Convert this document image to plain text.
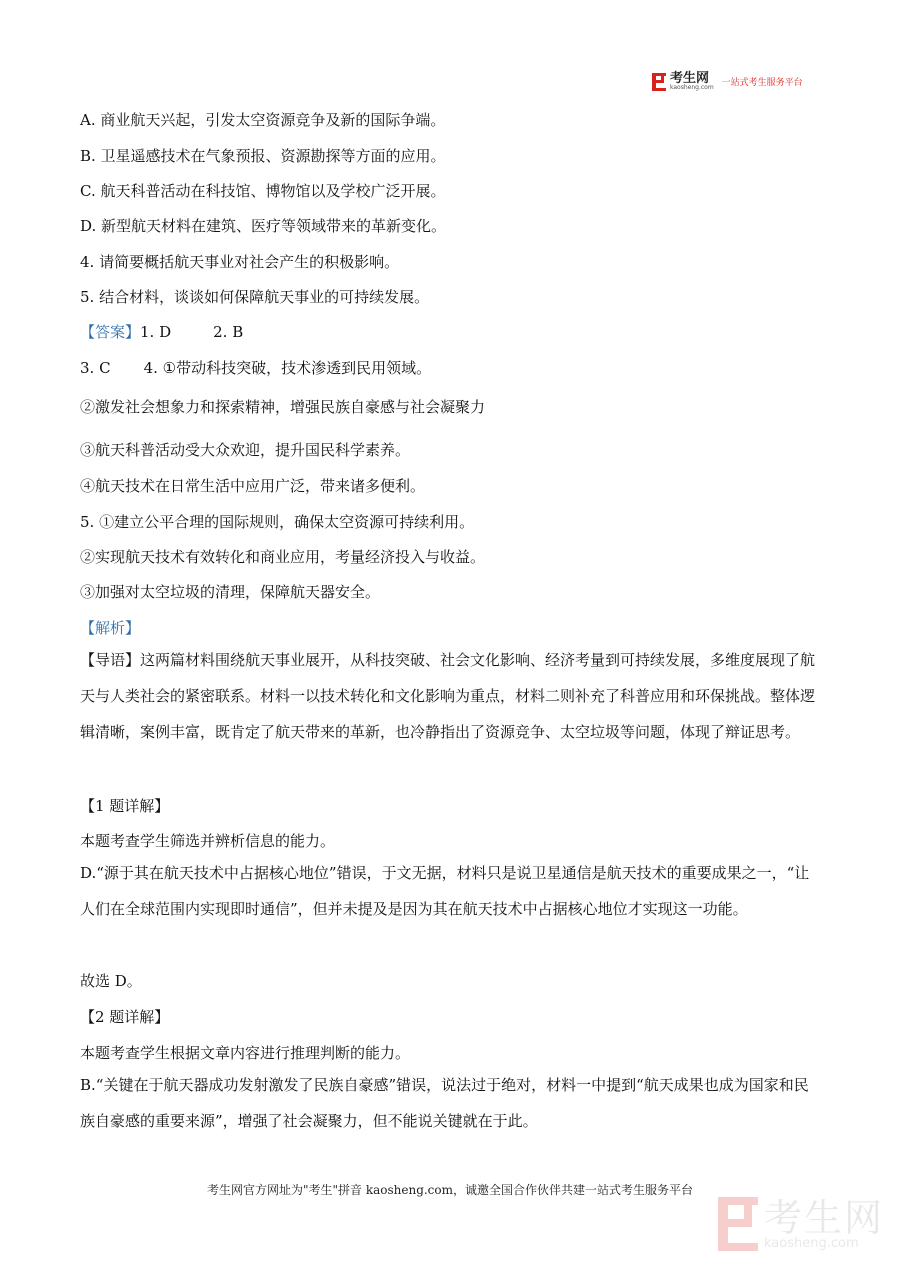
考生网
kaosheng.com 一站式考生服务平台
A. 商业航天兴起，引发太空资源竞争及新的国际争端。
B. 卫星遥感技术在气象预报、资源勘探等方面的应用。
C. 航天科普活动在科技馆、博物馆以及学校广泛开展。
D. 新型航天材料在建筑、医疗等领域带来的革新变化。
4. 请简要概括航天事业对社会产生的积极影响。
5. 结合材料，谈谈如何保障航天事业的可持续发展。
【答案】1. D	2. B
3. C 4. ①带动科技突破，技术渗透到民用领域。
②激发社会想象力和探索精神，增强民族自豪感与社会凝聚力
③航天科普活动受大众欢迎，提升国民科学素养。
④航天技术在日常生活中应用广泛，带来诸多便利。
5. ①建立公平合理的国际规则，确保太空资源可持续利用。
②实现航天技术有效转化和商业应用，考量经济投入与收益。
③加强对太空垃圾的清理，保障航天器安全。
【解析】
【导语】这两篇材料围绕航天事业展开，从科技突破、社会文化影响、经济考量到可持续发展，多维度展现了航天与人类社会的紧密联系。材料一以技术转化和文化影响为重点，材料二则补充了科普应用和环保挑战。整体逻辑清晰，案例丰富，既肯定了航天带来的革新，也冷静指出了资源竞争、太空垃圾等问题，体现了辩证思考。
【1 题详解】
本题考查学生筛选并辨析信息的能力。
D.“源于其在航天技术中占据核心地位”错误，于文无据，材料只是说卫星通信是航天技术的重要成果之一，“让人们在全球范围内实现即时通信”，但并未提及是因为其在航天技术中占据核心地位才实现这一功能。
故选 D。
【2 题详解】
本题考查学生根据文章内容进行推理判断的能力。
B.“关键在于航天器成功发射激发了民族自豪感”错误，说法过于绝对，材料一中提到“航天成果也成为国家和民族自豪感的重要来源”，增强了社会凝聚力，但不能说关键就在于此。
考生网官方网址为"考生"拼音 kaosheng.com，诚邀全国合作伙伴共建一站式考生服务平台
考生网
kaosheng.com
